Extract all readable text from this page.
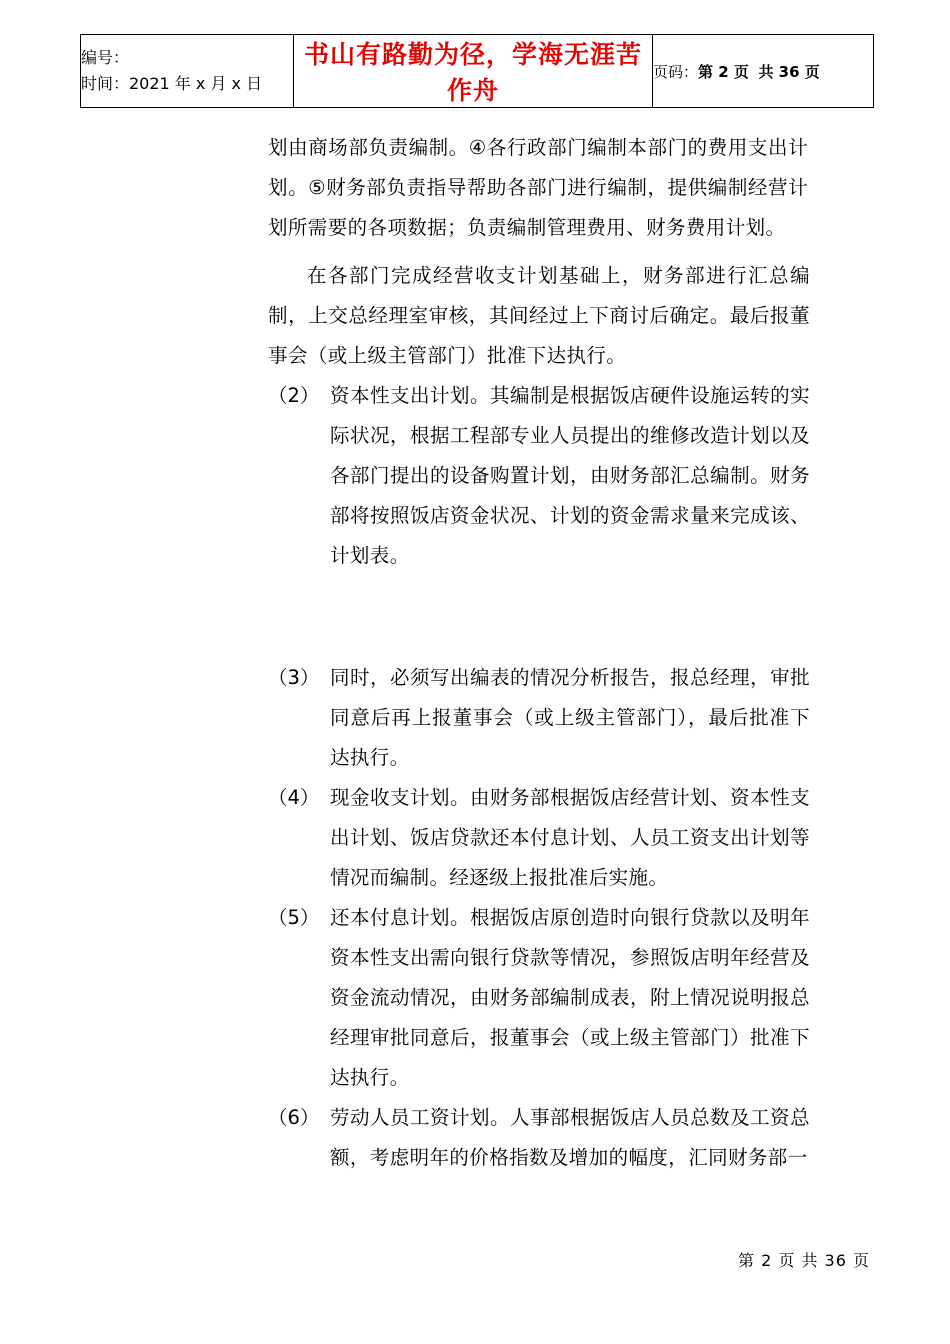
编号：
时间：2021 年 x 月 x 日
	书山有路勤为径，学海无涯苦作舟	页码：第 2 页 共 36 页

划由商场部负责编制。④各行政部门编制本部门的费用支出计划。⑤财务部负责指导帮助各部门进行编制，提供编制经营计划所需要的各项数据；负责编制管理费用、财务费用计划。

在各部门完成经营收支计划基础上，财务部进行汇总编制，上交总经理室审核，其间经过上下商讨后确定。最后报董事会（或上级主管部门）批准下达执行。

（2） 资本性支出计划。其编制是根据饭店硬件设施运转的实际状况，根据工程部专业人员提出的维修改造计划以及各部门提出的设备购置计划，由财务部汇总编制。财务部将按照饭店资金状况、计划的资金需求量来完成该、计划表。

（3） 同时，必须写出编表的情况分析报告，报总经理，审批同意后再上报董事会（或上级主管部门），最后批准下达执行。

（4） 现金收支计划。由财务部根据饭店经营计划、资本性支出计划、饭店贷款还本付息计划、人员工资支出计划等情况而编制。经逐级上报批准后实施。

（5） 还本付息计划。根据饭店原创造时向银行贷款以及明年资本性支出需向银行贷款等情况，参照饭店明年经营及资金流动情况，由财务部编制成表，附上情况说明报总经理审批同意后，报董事会（或上级主管部门）批准下达执行。

（6） 劳动人员工资计划。人事部根据饭店人员总数及工资总额，考虑明年的价格指数及增加的幅度，汇同财务部一

第 2 页 共 36 页
